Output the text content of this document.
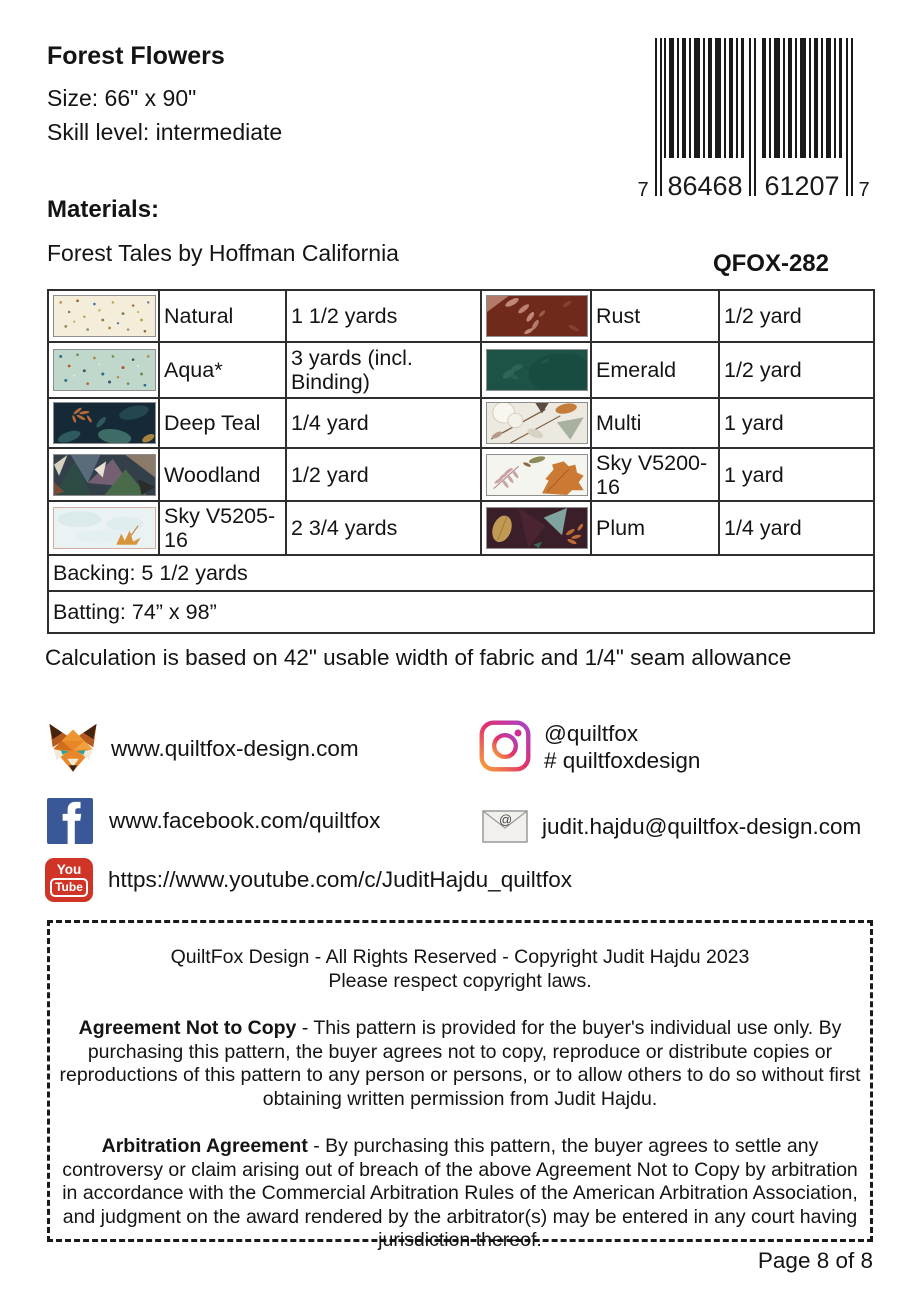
Forest Flowers
Size: 66" x 90"
Skill level: intermediate
7 86468 61207 7
QFOX-282
Materials:
Forest Tales by Hoffman California
	Natural	1 1/2 yards		Rust	1/2 yard

	Aqua*	3 yards (incl. Binding)		Emerald	1/2 yard

	Deep Teal	1/4 yard		Multi	1 yard

	Woodland	1/2 yard		Sky V5200-16	1 yard

	Sky V5205-16	2 3/4 yards		Plum	1/4 yard
Backing: 5 1/2 yards					
Batting: 74” x 98”					
Calculation is based on 42" usable width of fabric and 1/4" seam allowance
www.quiltfox-design.com
www.facebook.com/quiltfox
You
Tube https://www.youtube.com/c/JuditHajdu_quiltfox
@quiltfox
# quiltfoxdesign
@ judit.hajdu@quiltfox-design.com

QuiltFox Design - All Rights Reserved - Copyright Judit Hajdu 2023
Please respect copyright laws.

Agreement Not to Copy - This pattern is provided for the buyer's individual use only. By purchasing this pattern, the buyer agrees not to copy, reproduce or distribute copies or reproductions of this pattern to any person or persons, or to allow others to do so without first obtaining written permission from Judit Hajdu.

Arbitration Agreement - By purchasing this pattern, the buyer agrees to settle any controversy or claim arising out of breach of the above Agreement Not to Copy by arbitration in accordance with the Commercial Arbitration Rules of the American Arbitration Association, and judgment on the award rendered by the arbitrator(s) may be entered in any court having jurisdiction thereof.

Page 8 of 8
